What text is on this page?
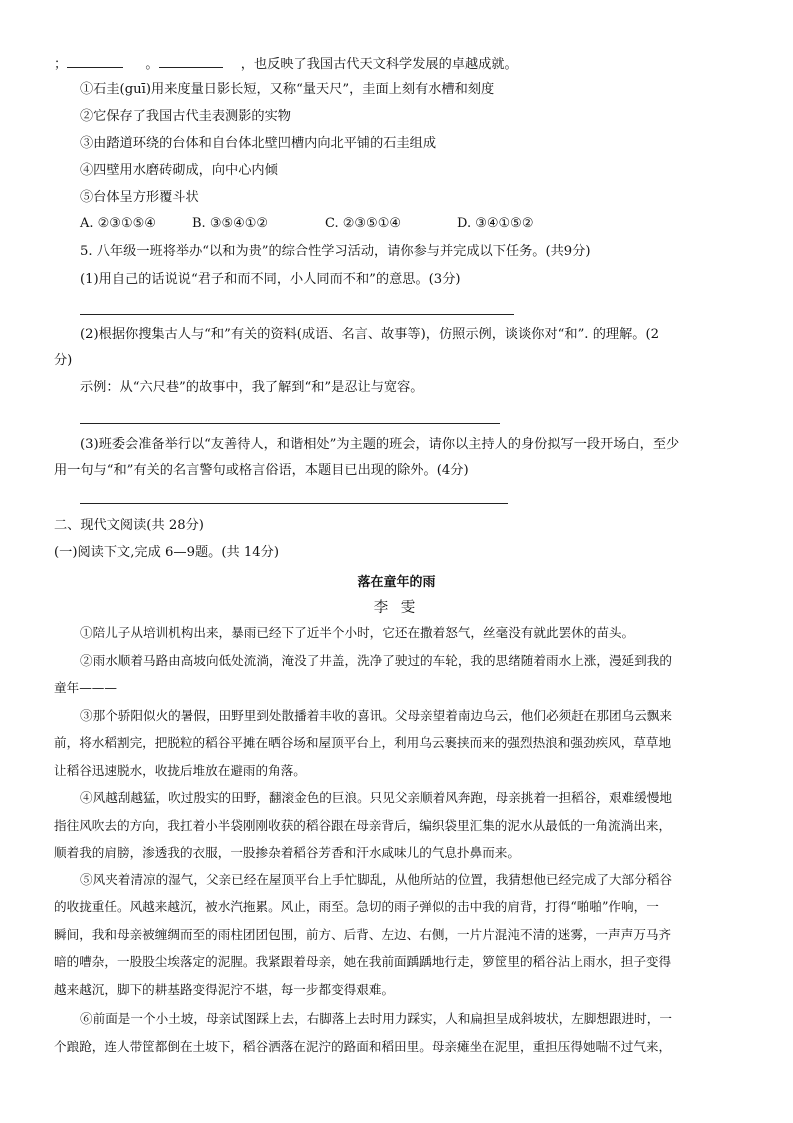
；	。	，也反映了我国古代天文科学发展的卓越成就。
①石圭(guī)用来度量日影长短，又称“量天尺”，圭面上刻有水槽和刻度
②它保存了我国古代圭表测影的实物
③由踏道环绕的台体和自台体北壁凹槽内向北平铺的石圭组成
④四壁用水磨砖砌成，向中心内倾
⑤台体呈方形覆斗状
A. ②③①⑤④	B. ③⑤④①②	C. ②③⑤①④	D. ③④①⑤②
5. 八年级一班将举办“以和为贵”的综合性学习活动，请你参与并完成以下任务。(共9分)
(1)用自己的话说说“君子和而不同，小人同而不和”的意思。(3分)
(2)根据你搜集古人与“和”有关的资料(成语、名言、故事等)，仿照示例，谈谈你对“和”. 的理解。(2
分)
示例：从“六尺巷”的故事中，我了解到“和”是忍让与宽容。
(3)班委会准备举行以“友善待人，和谐相处”为主题的班会，请你以主持人的身份拟写一段开场白，至少
用一句与“和”有关的名言警句或格言俗语，本题目已出现的除外。(4分)
二、现代文阅读(共 28分)
(一)阅读下文,完成 6—9题。(共 14分)
落在童年的雨
李 雯
①陪儿子从培训机构出来，暴雨已经下了近半个小时，它还在撒着怒气，丝毫没有就此罢休的苗头。
②雨水顺着马路由高坡向低处流淌，淹没了井盖，洗净了驶过的车轮，我的思绪随着雨水上涨，漫延到我的
童年———
③那个骄阳似火的暑假，田野里到处散播着丰收的喜讯。父母亲望着南边乌云，他们必须赶在那团乌云飘来
前，将水稻割完，把脱粒的稻谷平摊在晒谷场和屋顶平台上，利用乌云裹挟而来的强烈热浪和强劲疾风，草草地
让稻谷迅速脱水，收拢后堆放在避雨的角落。
④风越刮越猛，吹过殷实的田野，翻滚金色的巨浪。只见父亲顺着风奔跑，母亲挑着一担稻谷，艰难缓慢地
指往风吹去的方向，我扛着小半袋刚刚收获的稻谷跟在母亲背后，编织袋里汇集的泥水从最低的一角流淌出来，
顺着我的肩膀，渗透我的衣服，一股掺杂着稻谷芳香和汗水咸味儿的气息扑鼻而来。
⑤风夹着清凉的湿气，父亲已经在屋顶平台上手忙脚乱，从他所站的位置，我猜想他已经完成了大部分稻谷
的收拢重任。风越来越沉，被水汽拖累。风止，雨至。急切的雨子弹似的击中我的肩背，打得“啪啪”作响，一
瞬间，我和母亲被缠绸而至的雨柱团团包围，前方、后背、左边、右侧，一片片混沌不清的迷雾，一声声万马齐
暗的嘈杂，一股股尘埃落定的泥腥。我紧跟着母亲，她在我前面踽踽地行走，箩筐里的稻谷沾上雨水，担子变得
越来越沉，脚下的耕基路变得泥泞不堪，每一步都变得艰难。
⑥前面是一个小土坡，母亲试图踩上去，右脚落上去时用力踩实，人和扁担呈成斜坡状，左脚想跟进时，一
个踉跄，连人带筐都倒在土坡下，稻谷洒落在泥泞的路面和稻田里。母亲瘫坐在泥里，重担压得她喘不过气来，
